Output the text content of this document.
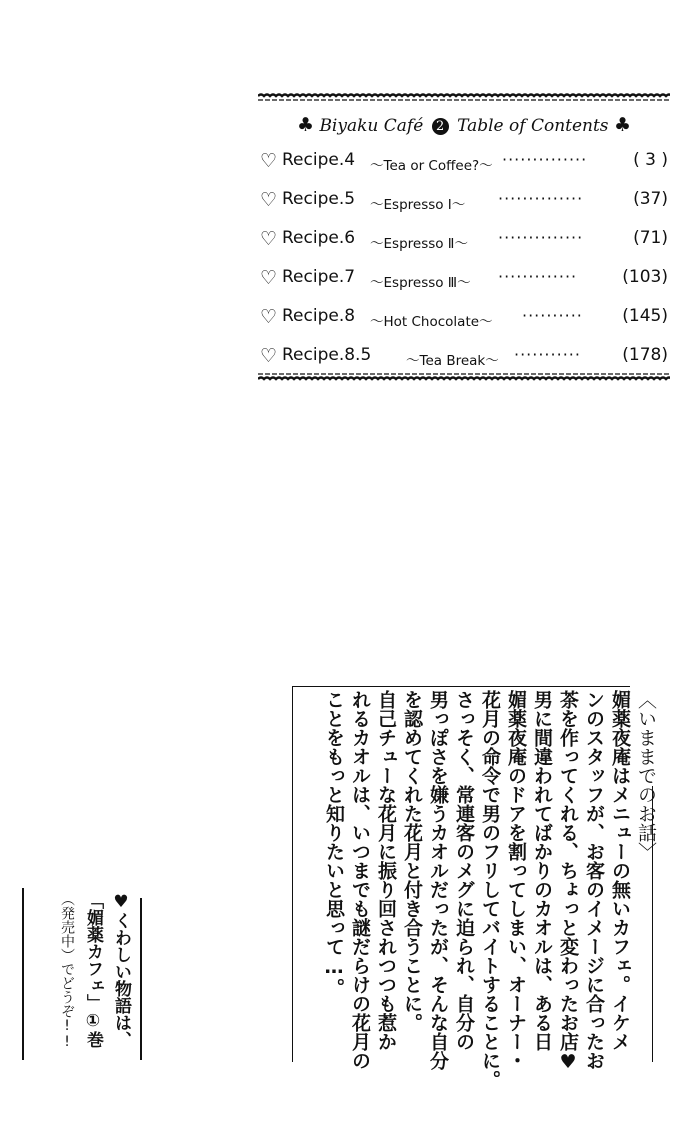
♣ Biyaku Café 2 Table of Contents ♣
♡ Recipe.4 〜Tea or Coffee?〜 ··············	( 3 )
♡ Recipe.5 〜Espresso Ⅰ〜 ··············	(37)
♡ Recipe.6 〜Espresso Ⅱ〜 ··············	(71)
♡ Recipe.7 〜Espresso Ⅲ〜 ·············	(103)
♡ Recipe.8 〜Hot Chocolate〜 ··········	(145)
♡ Recipe.8.5	〜Tea Break〜 ···········	(178)
〈いままでのお話〉
媚薬夜庵はメニューの無いカフェ。イケメ
ンのスタッフが、お客のイメージに合ったお
茶を作ってくれる、ちょっと変わったお店♥
男に間違われてばかりのカオルは、ある日
媚薬夜庵のドアを割ってしまい、オーナー・
花月の命令で男のフリしてバイトすることに。
さっそく、常連客のメグに迫られ、自分の
男っぽさを嫌うカオルだったが、そんな自分
を認めてくれた花月と付き合うことに。
自己チューな花月に振り回されつつも惹か
れるカオルは、いつまでも謎だらけの花月の
ことをもっと知りたいと思って…。
♥くわしい物語は、
「媚薬カフェ」①巻
（発売中）でどうぞ!!
